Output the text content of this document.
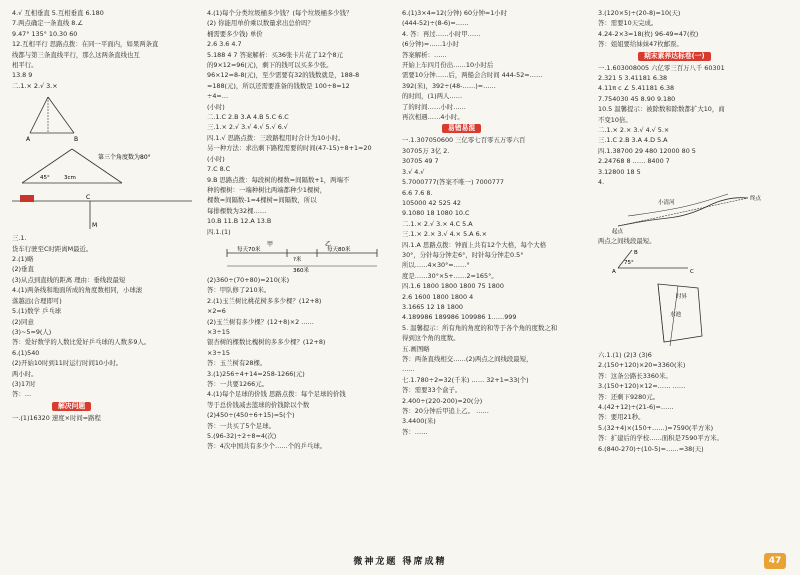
4.√ 互相垂直 5.互相垂直 6.180
7.两点确定一条直线 8.∠
9.47° 135° 10.30 60
12.互相平行 思路点拨：在同一平面内，如果两条直
线都与第三条直线平行，那么这两条直线也互
相平行。
13.8 9
二.1.× 2.√ 3.×
A	B
45°	3cm
第三个角度数为80°
M
C
三.1.
货车行驶至C时距离M最近。
2.(1)略
(2)垂直
(3)从点到直线的距离 理由：垂线段最短
4.(1)两条线和地面所成的角度数相同，小球滚
落越远(合理即可)
5.(1)数学 乒乓球
(2)同意
(3)~5=9(人)
答：爱好数学的人数比爱好乒乓球的人数多9人。
6.(1)540
(2)开始10时到11时运行时间10小时。
两小时。
(3)17时
答：…
解决问题
一.(1)16320 速度×时间=路程
4.(1)每个分类垃圾桶多少钱？(每个垃圾桶多少钱？
(2) 你能用单价乘以数量求出总价吗？
桶需要多少钱) 单价
2.6 3.6 4.7
5.188 4 7 答案解析：买36张卡片花了12个8元
的9×12=96(元)，剩下的钱可以买多少张。
96×12=8-8(元)，至少需要有32的钱数就是，188-8
=188(元)，所以还需要准备的钱数是 100÷8=12
÷4=…
(小时)
二.1.C 2.B 3.A 4.B 5.C 6.C
三.1.× 2.√ 3.√ 4.√ 5.√ 6.√
四.1.√ 思路点拨：三段路程用时合计为10小时。
另一种方法：求出剩下路程需要的时间(47-15)÷8+1=20
(小时)
7.C 8.C
9.B 思路点拨：每段树的棵数=间隔数+1，两端不
种的棵树：一端种树比两端都种少1棵树，
棵数=间隔数-1=4棵树=间隔数，所以
每排棵数为32棵……
10.B 11.B 12.A 13.B
四.1.(1)
甲	乙
每天70米	每天80米
?米
360米
(2)360÷(70+80)=210(米)
答：甲队修了210米。
2.(1)玉兰树比桃花树多多少棵？(12+8)
×2=6
(2)玉兰树有多少棵？(12+8)×2 ……
×3÷15
银杏树的棵数比槐树的多多少棵？(12+8)
×3÷15
答：玉兰树有28棵。
3.(1)256÷4+14=258-1266(元)
答：一共要1266元。
4.(1)每个足球的价钱 思路点拨：每个足球的价钱
等于总价钱减去篮球的价钱除以个数
(2)450÷(450÷6+15)=5(个)
答：一共买了5个足球。
5.(96-32)÷2÷8=4(次)
答：4次中国共有多少个……个的乒乓球。
6.(1)3×4=12(分钟) 60分钟=1小时
(444-52)÷(8-6)=……
4. 答：再过……小时甲……
(6分钟)=……1小时
答案解析：……
开始上车四月份出……10小时后
需要10分钟……后，两船会合时间 444-52=……
392(米)，392÷(48-……)=……
的时间，(1)两人……
了的时间……小时……
再次相遇……4小时。
易错易混
一.1.307050600 三亿零七百零五万零六百
30705万 3亿 2.
30705 49 7
3.√ 4.√
5.7000777(答案不唯一) 7000777
6.6 7.6 8.
105000 42 525 42
9.1080 18 1080 10.C
二.1.× 2.√ 3.× 4.C 5.A
三.1.× 2.× 3.√ 4.× 5.A 6.×
四.1.A 思路点拨：钟面上共有12个大格，每个大格
30°，分针每分钟走6°，时针每分钟走0.5°
所以……4×30°=……°
度是……30°×5+……2=165°。
四.1.6 1800 1800 1800 75 1800
2.6 1600 1800 1800 4
3.1665 12 18 1800
4.189986 189986 109986 1……999
5. 温馨提示：所有角的角度的和等于各个角的度数之和
得到这个角的度数。
五.画图略
答：两条直线相交……(2)两点之间线段最短，
……
七.1.780÷2=32(千米) …… 32+1=33(个)
答：需要33个盒子。
2.400÷(220-200)=20(分)
答：20分钟后甲追上乙。 ……
3.4400(米)
答：……
3.(120×5)÷(20-8)=10(天)
答：需要10天完成。
4.24-2×3=18(枚) 96-49=47(枚)
答：姐姐要给妹妹47枚邮票。
期末素养达标卷(一)
一.1.603008005 六亿零三百万八千 60301
2.321 5 3.41181 6.38
4.11π c ∠ 5.41181 6.38
7.754030 45 8.90 9.180
10.5 温馨提示：被除数和除数都扩大10，商
不变10倍。
二.1.× 2.× 3.√ 4.√ 5.×
三.1.C 2.B 3.A 4.D 5.A
四.1.38700 29 480 12000 80 5
2.24768 8 …… 8400 7
3.12800 18 5
4.
小清河
终点
起点
两点之间线段最短。
75°
A	C
B
时昇
水池
六.1.(1) (2)3 (3)6
2.(150+120)×20=3360(米)
答：这条公路长3360米。
3.(150+120)×12=…… ……
答：还剩下9280元。
4.(42+12)÷(21-6)=……
答：要用21秒。
5.(32+4)×(150+……)=7590(平方米)
答：扩建后的学校……面积是7590平方米。
6.(840-270)÷(10-5)=……=38(天)
微神龙题 得席成精	47
